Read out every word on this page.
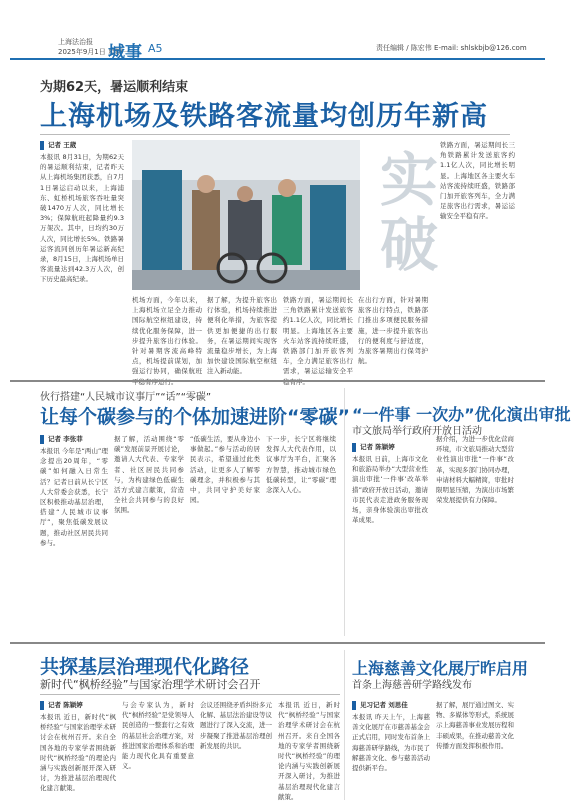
上海法治报
2025年9月1日 星期一
城事 A5	责任编辑 / 陈宏伟 E-mail: shlskbjb@126.com
为期62天，暑运顺利结束
上海机场及铁路客流量均创历年新高
记者 王葳
本报讯 8月31日，为期62天的暑运顺利结束，记者昨天从上海机场集团获悉，自7月1日暑运启动以来，上海浦东、虹桥机场旅客吞吐量突破1470万人次，同比增长3%；保障航班起降量约9.3万架次。其中，日均约30万人次，同比增长5%。铁路暑运客流同创历年暑运新高纪录，8月15日，上海机场单日客流量达到42.3万人次，创下历史最高纪录。
实
破
机场方面，今年以来，上海机场立足全力推动国际航空枢纽建设，持续优化服务保障，进一步提升旅客出行体验。针对暑期客流高峰特点，机场提前谋划，加强运行协同，确保航班平稳有序运行。
据了解，为提升旅客出行体验，机场持续推进便利化举措，为旅客提供更加便捷的出行服务，在暑运期间实现客流量稳步增长，为上海加快建设国际航空枢纽注入新动能。
铁路方面，暑运期间长三角铁路累计发送旅客约1.1亿人次，同比增长明显。上海地区各主要火车站客流持续旺盛，铁路部门加开旅客列车，全力满足旅客出行需求，暑运运输安全平稳有序。
在出行方面，针对暑期旅客出行特点，铁路部门推出多项便民服务措施，进一步提升旅客出行的便利度与舒适度，为旅客暑期出行保驾护航。
铁路方面，暑运期间长三角铁路累计发送旅客约1.1亿人次，同比增长明显。上海地区各主要火车站客流持续旺盛，铁路部门加开旅客列车，全力满足旅客出行需求，暑运运输安全平稳有序。
伙行搭建“人民城市议事厅”“话”“零碳”
让每个碳参与的个体加速进阶“零碳”
记者 李张菲
本报讯 今年是“两山”理念提出20周年，“零碳”如何融入日常生活？记者日前从长宁区人大常委会获悉，长宁区积极推动基层治理，搭建“人民城市议事厅”，聚焦低碳发展议题，推动社区居民共同参与。
据了解，活动围绕“零碳”发展前景开展讨论，邀请人大代表、专家学者、社区居民共同参与，为构建绿色低碳生活方式建言献策，营造全社会共同参与的良好氛围。
“低碳生活，要从身边小事做起。”参与活动的居民表示，希望通过此类活动，让更多人了解零碳理念，并积极参与其中，共同守护美好家园。
下一步，长宁区将继续发挥人大代表作用，以议事厅为平台，汇聚各方智慧，推动城市绿色低碳转型，让“零碳”理念深入人心。
“一件事 一次办”优化演出审批
市文旅局举行政府开放日活动
记者 陈颖婷
本报讯 日前，上海市文化和旅游局举办“大型营业性演出审批‘一件事’改革举措”政府开放日活动，邀请市民代表走进政务服务现场，亲身体验演出审批改革成果。
据介绍，为进一步优化营商环境，市文旅局推动大型营业性演出审批“一件事”改革，实现多部门协同办理，申请材料大幅精简，审批时限明显压缩，为演出市场繁荣发展提供有力保障。
共探基层治理现代化路径
新时代“枫桥经验”与国家治理学术研讨会召开
记者 陈颖婷
本报讯 近日，新时代“枫桥经验”与国家治理学术研讨会在杭州召开。来自全国各地的专家学者围绕新时代“枫桥经验”的理论内涵与实践创新展开深入研讨，为推进基层治理现代化建言献策。
与会专家认为，新时代“枫桥经验”是党领导人民创造的一整套行之有效的基层社会治理方案，对推进国家治理体系和治理能力现代化具有重要意义。
会议还围绕矛盾纠纷多元化解、基层法治建设等议题进行了深入交流，进一步凝聚了推进基层治理创新发展的共识。
本报讯 近日，新时代“枫桥经验”与国家治理学术研讨会在杭州召开。来自全国各地的专家学者围绕新时代“枫桥经验”的理论内涵与实践创新展开深入研讨，为推进基层治理现代化建言献策。
上海慈善文化展厅昨启用
首条上海慈善研学路线发布
见习记者 刘思佳
本报讯 昨天上午，上海慈善文化展厅在市慈善基金会正式启用，同时发布首条上海慈善研学路线，为市民了解慈善文化、参与慈善活动提供新平台。
据了解，展厅通过图文、实物、多媒体等形式，系统展示上海慈善事业发展历程和丰硕成果，在推动慈善文化传播方面发挥积极作用。
